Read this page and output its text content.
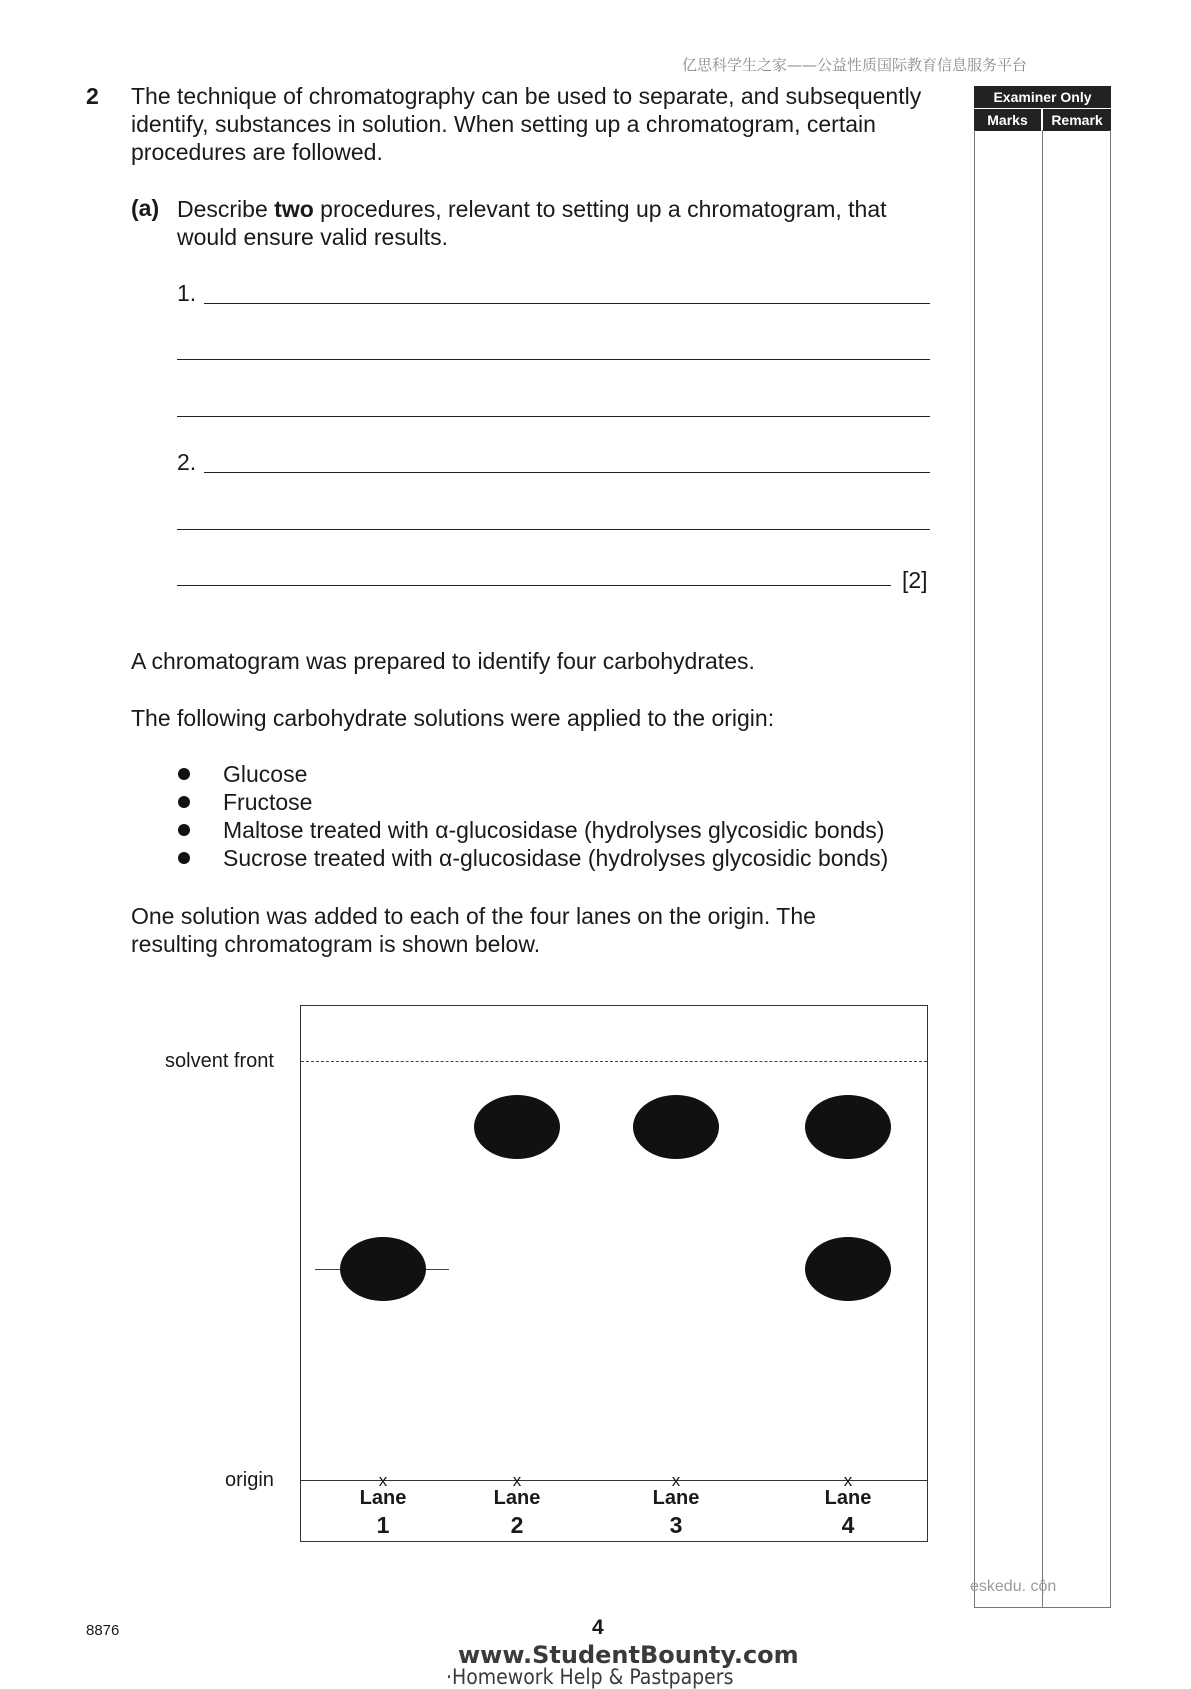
亿思科学生之家——公益性质国际教育信息服务平台
2 The technique of chromatography can be used to separate, and subsequently identify, substances in solution. When setting up a chromatogram, certain procedures are followed.
(a) Describe two procedures, relevant to setting up a chromatogram, that would ensure valid results.
1.
2.
[2]
A chromatogram was prepared to identify four carbohydrates.
The following carbohydrate solutions were applied to the origin:
Glucose
Fructose
Maltose treated with α-glucosidase (hydrolyses glycosidic bonds)
Sucrose treated with α-glucosidase (hydrolyses glycosidic bonds)
One solution was added to each of the four lanes on the origin. The resulting chromatogram is shown below.
solvent front
origin	x	x	x	x
Lane
1
Lane
2
Lane
3
Lane
4
Examiner Only
Marks	Remark
eskedu. cộn
8876	4
www.StudentBounty.com
·Homework Help & Pastpapers
